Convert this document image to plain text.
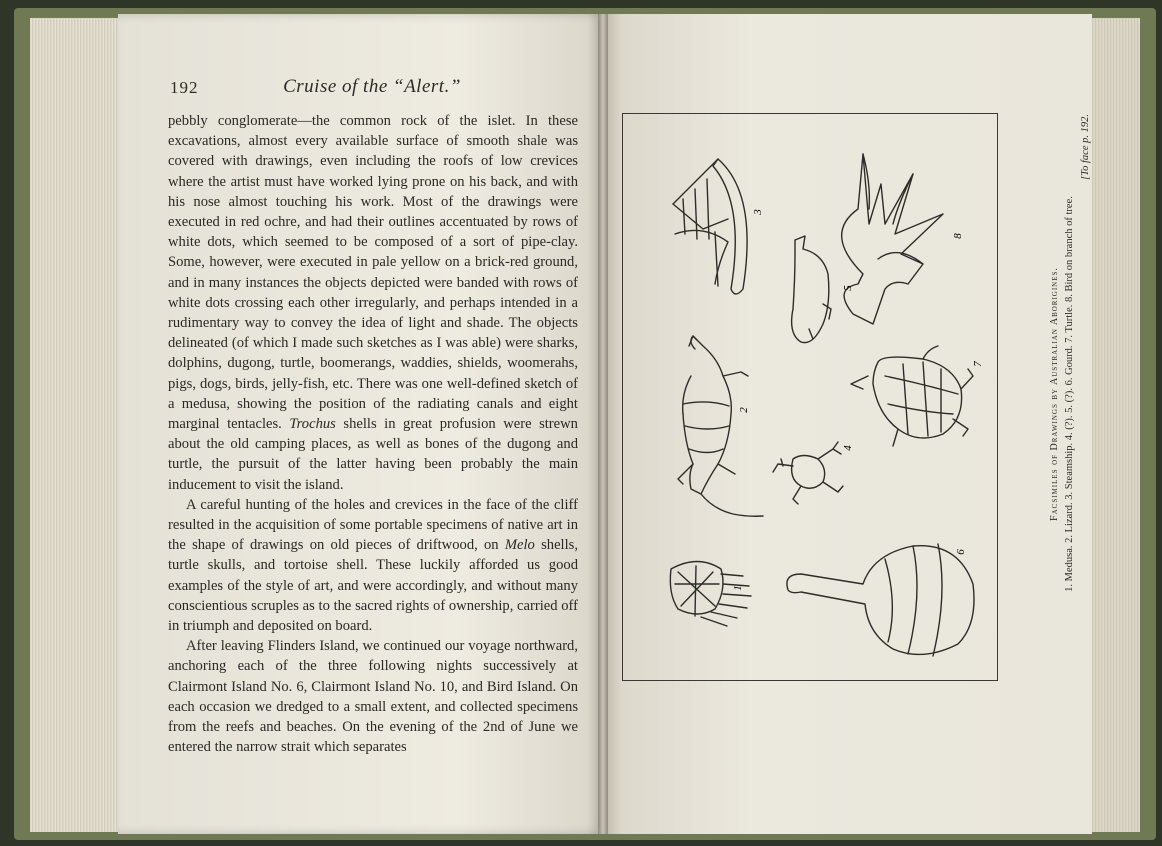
192	Cruise of the “Alert.”

pebbly conglomerate—the common rock of the islet. In these excavations, almost every available surface of smooth shale was covered with drawings, even including the roofs of low crevices where the artist must have worked lying prone on his back, and with his nose almost touching his work. Most of the drawings were executed in red ochre, and had their outlines accentuated by rows of white dots, which seemed to be composed of a sort of pipe-clay. Some, however, were executed in pale yellow on a brick-red ground, and in many instances the objects depicted were banded with rows of white dots crossing each other irregularly, and perhaps intended in a rudimentary way to convey the idea of light and shade. The objects delineated (of which I made such sketches as I was able) were sharks, dolphins, dugong, turtle, boomerangs, waddies, shields, woomerahs, pigs, dogs, birds, jelly-fish, etc. There was one well-defined sketch of a medusa, showing the position of the radiating canals and eight marginal tentacles. Trochus shells in great profusion were strewn about the old camping places, as well as bones of the dugong and turtle, the pursuit of the latter having been probably the main inducement to visit the island.

A careful hunting of the holes and crevices in the face of the cliff resulted in the acquisition of some portable specimens of native art in the shape of drawings on old pieces of driftwood, on Melo shells, turtle skulls, and tortoise shell. These luckily afforded us good examples of the style of art, and were accordingly, and without many conscientious scruples as to the sacred rights of ownership, carried off in triumph and deposited on board.

After leaving Flinders Island, we continued our voyage northward, anchoring each of the three following nights successively at Clairmont Island No. 6, Clairmont Island No. 10, and Bird Island. On each occasion we dredged to a small extent, and collected specimens from the reefs and beaches. On the evening of the 2nd of June we entered the narrow strait which separates

1
2
3
4
5
6
7
8
Facsimiles of Drawings by Australian Aborigines. 1. Medusa. 2. Lizard. 3. Steamship. 4. (?). 5. (?). 6. Gourd. 7. Turtle. 8. Bird on branch of tree.
[To face p. 192.
